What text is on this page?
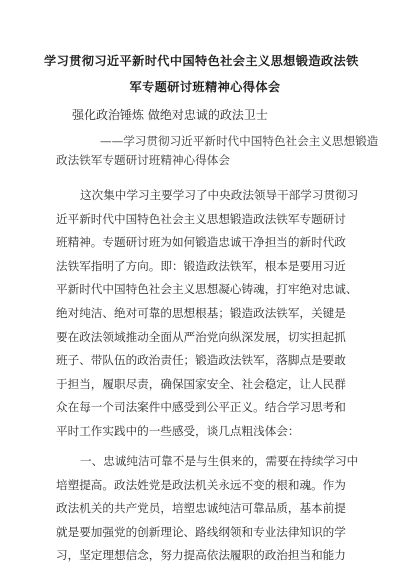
学习贯彻习近平新时代中国特色社会主义思想锻造政法铁
军专题研讨班精神心得体会
强化政治锤炼 做绝对忠诚的政法卫士
——学习贯彻习近平新时代中国特色社会主义思想锻造
政法铁军专题研讨班精神心得体会
这次集中学习主要学习了中央政法领导干部学习贯彻习
近平新时代中国特色社会主义思想锻造政法铁军专题研讨
班精神。专题研讨班为如何锻造忠诚干净担当的新时代政
法铁军指明了方向。即：锻造政法铁军，根本是要用习近
平新时代中国特色社会主义思想凝心铸魂，打牢绝对忠诚、
绝对纯洁、绝对可靠的思想根基；锻造政法铁军，关键是
要在政法领域推动全面从严治党向纵深发展，切实担起抓
班子、带队伍的政治责任；锻造政法铁军，落脚点是要敢
于担当，履职尽责，确保国家安全、社会稳定，让人民群
众在每一个司法案件中感受到公平正义。结合学习思考和
平时工作实践中的一些感受，谈几点粗浅体会：
一、忠诚纯洁可靠不是与生俱来的，需要在持续学习中
培塑提高。政法姓党是政法机关永远不变的根和魂。作为
政法机关的共产党员，培塑忠诚纯洁可靠品质，基本前提
就是要加强党的创新理论、路线纲领和专业法律知识的学
习，坚定理想信念，努力提高依法履职的政治担当和能力
